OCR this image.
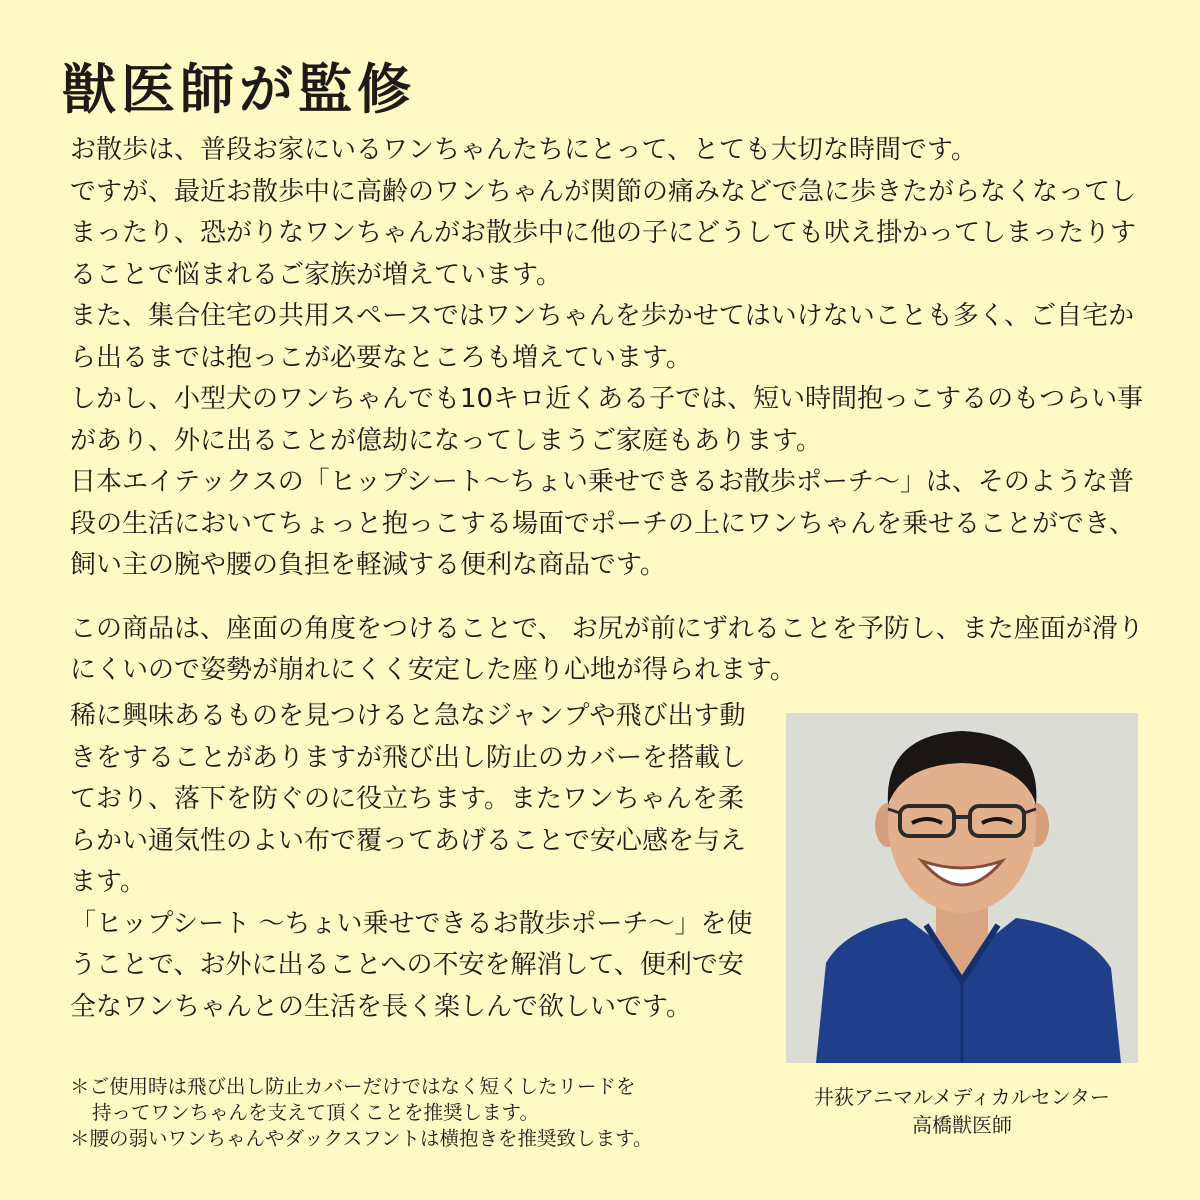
獣医師が監修

お散歩は、普段お家にいるワンちゃんたちにとって、とても大切な時間です。

ですが、最近お散歩中に高齢のワンちゃんが関節の痛みなどで急に歩きたがらなくなってしまったり、恐がりなワンちゃんがお散歩中に他の子にどうしても吠え掛かってしまったりすることで悩まれるご家族が増えています。

また、集合住宅の共用スペースではワンちゃんを歩かせてはいけないことも多く、ご自宅から出るまでは抱っこが必要なところも増えています。

しかし、小型犬のワンちゃんでも10キロ近くある子では、短い時間抱っこするのもつらい事があり、外に出ることが億劫になってしまうご家庭もあります。

日本エイテックスの「ヒップシート〜ちょい乗せできるお散歩ポーチ〜」は、そのような普段の生活においてちょっと抱っこする場面でポーチの上にワンちゃんを乗せることができ、飼い主の腕や腰の負担を軽減する便利な商品です。

この商品は、座面の角度をつけることで、 お尻が前にずれることを予防し、また座面が滑りにくいので姿勢が崩れにくく安定した座り心地が得られます。

稀に興味あるものを見つけると急なジャンプや飛び出す動きをすることがありますが飛び出し防止のカバーを搭載しており、落下を防ぐのに役立ちます。またワンちゃんを柔らかい通気性のよい布で覆ってあげることで安心感を与えます。

「ヒップシート 〜ちょい乗せできるお散歩ポーチ〜」を使うことで、お外に出ることへの不安を解消して、便利で安全なワンちゃんとの生活を長く楽しんで欲しいです。

＊ご使用時は飛び出し防止カバーだけではなく短くしたリードを

持ってワンちゃんを支えて頂くことを推奨します。

＊腰の弱いワンちゃんやダックスフントは横抱きを推奨致します。

井荻アニマルメディカルセンター

高橋獣医師
